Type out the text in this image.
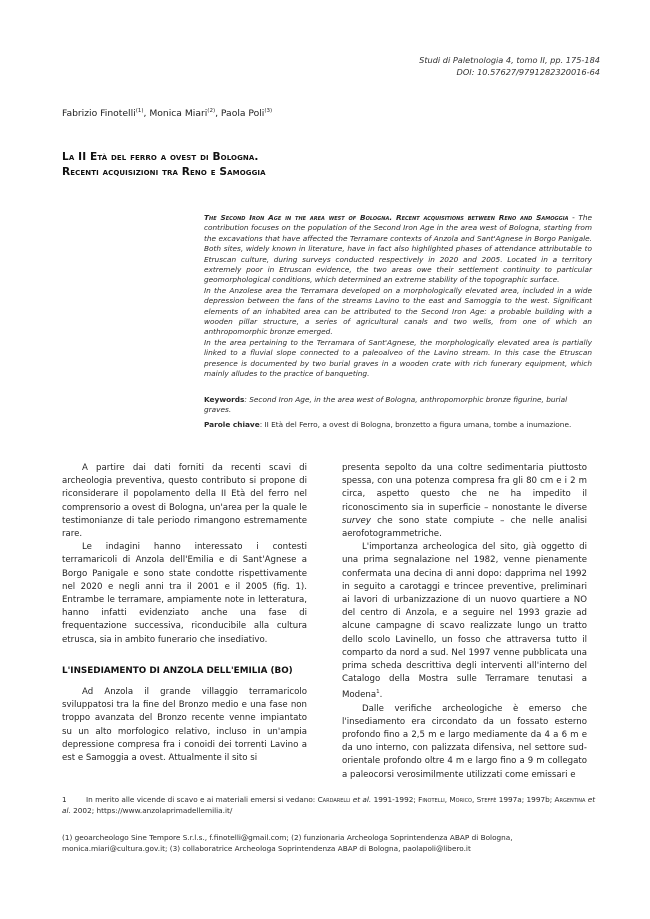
Studi di Paletnologia 4, tomo II, pp. 175-184
DOI: 10.57627/9791282320016-64
Fabrizio Finotelli$^{(1)}$, Monica Miari$^{(2)}$, Paola Poli$^{(3)}$
La II Età del ferro a ovest di Bologna.
Recenti acquisizioni tra Reno e Samoggia

The Second Iron Age in the area west of Bologna. Recent acquisitions between Reno and Samoggia - The contribution focuses on the population of the Second Iron Age in the area west of Bologna, starting from the excavations that have affected the Terramare contexts of Anzola and Sant'Agnese in Borgo Panigale. Both sites, widely known in literature, have in fact also highlighted phases of attendance attributable to Etruscan culture, during surveys conducted respectively in 2020 and 2005. Located in a territory extremely poor in Etruscan evidence, the two areas owe their settlement continuity to particular geomorphological conditions, which determined an extreme stability of the topographic surface.

In the Anzolese area the Terramara developed on a morphologically elevated area, included in a wide depression between the fans of the streams Lavino to the east and Samoggia to the west. Significant elements of an inhabited area can be attributed to the Second Iron Age: a probable building with a wooden pillar structure, a series of agricultural canals and two wells, from one of which an anthropomorphic bronze emerged.

In the area pertaining to the Terramara of Sant'Agnese, the morphologically elevated area is partially linked to a fluvial slope connected to a paleoalveo of the Lavino stream. In this case the Etruscan presence is documented by two burial graves in a wooden crate with rich funerary equipment, which mainly alludes to the practice of banqueting.

Keywords: Second Iron Age, in the area west of Bologna, anthropomorphic bronze figurine, burial graves.
Parole chiave: II Età del Ferro, a ovest di Bologna, bronzetto a figura umana, tombe a inumazione.

A partire dai dati forniti da recenti scavi di archeologia preventiva, questo contributo si propone di riconsiderare il popolamento della II Età del ferro nel comprensorio a ovest di Bologna, un'area per la quale le testimonianze di tale periodo rimangono estremamente rare.

Le indagini hanno interessato i contesti terramaricoli di Anzola dell'Emilia e di Sant'Agnese a Borgo Panigale e sono state condotte rispettivamente nel 2020 e negli anni tra il 2001 e il 2005 (fig. 1). Entrambe le terramare, ampiamente note in letteratura, hanno infatti evidenziato anche una fase di frequentazione successiva, riconducibile alla cultura etrusca, sia in ambito funerario che insediativo.

L'INSEDIAMENTO DI ANZOLA DELL'EMILIA (BO)

Ad Anzola il grande villaggio terramaricolo sviluppatosi tra la fine del Bronzo medio e una fase non troppo avanzata del Bronzo recente venne impiantato su un alto morfologico relativo, incluso in un'ampia depressione compresa fra i conoidi dei torrenti Lavino a est e Samoggia a ovest. Attualmente il sito si

presenta sepolto da una coltre sedimentaria piuttosto spessa, con una potenza compresa fra gli 80 cm e i 2 m circa, aspetto questo che ne ha impedito il riconoscimento sia in superficie – nonostante le diverse survey che sono state compiute – che nelle analisi aerofotogrammetriche.

L'importanza archeologica del sito, già oggetto di una prima segnalazione nel 1982, venne pienamente confermata una decina di anni dopo: dapprima nel 1992 in seguito a carotaggi e trincee preventive, preliminari ai lavori di urbanizzazione di un nuovo quartiere a NO del centro di Anzola, e a seguire nel 1993 grazie ad alcune campagne di scavo realizzate lungo un tratto dello scolo Lavinello, un fosso che attraversa tutto il comparto da nord a sud. Nel 1997 venne pubblicata una prima scheda descrittiva degli interventi all'interno del Catalogo della Mostra sulle Terramare tenutasi a Modena$^1$.

Dalle verifiche archeologiche è emerso che l'insediamento era circondato da un fossato esterno profondo fino a 2,5 m e largo mediamente da 4 a 6 m e da uno interno, con palizzata difensiva, nel settore sud-orientale profondo oltre 4 m e largo fino a 9 m collegato a paleocorsi verosimilmente utilizzati come emissari e

1	In merito alle vicende di scavo e ai materiali emersi si vedano: Cardarelli et al. 1991-1992; Finotelli, Morico, Steffè 1997a; 1997b; Argentina et al. 2002; https://www.anzolaprimadellemilia.it/
(1) geoarcheologo Sine Tempore S.r.l.s., f.finotelli@gmail.com; (2) funzionaria Archeologa Soprintendenza ABAP di Bologna, monica.miari@cultura.gov.it; (3) collaboratrice Archeologa Soprintendenza ABAP di Bologna, paolapoli@libero.it
